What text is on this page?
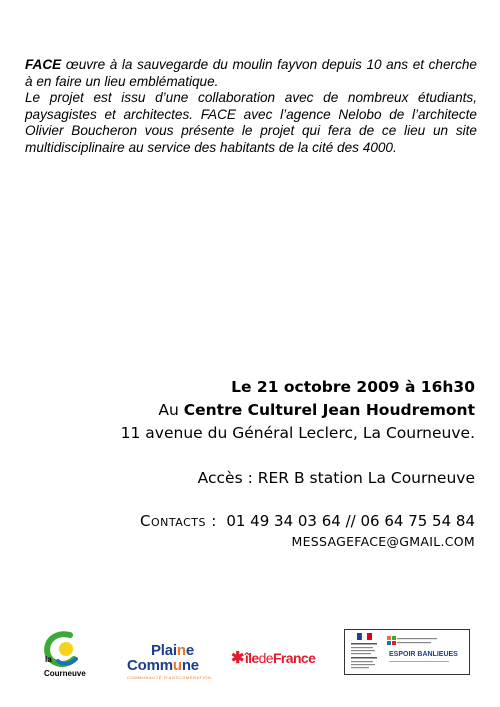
FACE œuvre à la sauvegarde du moulin fayvon depuis 10 ans et cherche à en faire un lieu emblématique.

Le projet est issu d’une collaboration avec de nombreux étudiants, paysagistes et architectes. FACE avec l’agence Nelobo de l’architecte Olivier Boucheron vous présente le projet qui fera de ce lieu un site multidisciplinaire au service des habitants de la cité des 4000.

Le 21 octobre 2009 à 16h30
Au Centre Culturel Jean Houdremont
11 avenue du Général Leclerc, La Courneuve.
Accès : RER B station La Courneuve
Contacts : 01 49 34 03 64 // 06 64 75 54 84
MESSAGEFACE@GMAIL.COM
la
Courneuve
Plaine
Commune
COMMUNAUTÉ D'AGGLOMÉRATION
✱îledeFrance	ESPOIR BANLIEUES
